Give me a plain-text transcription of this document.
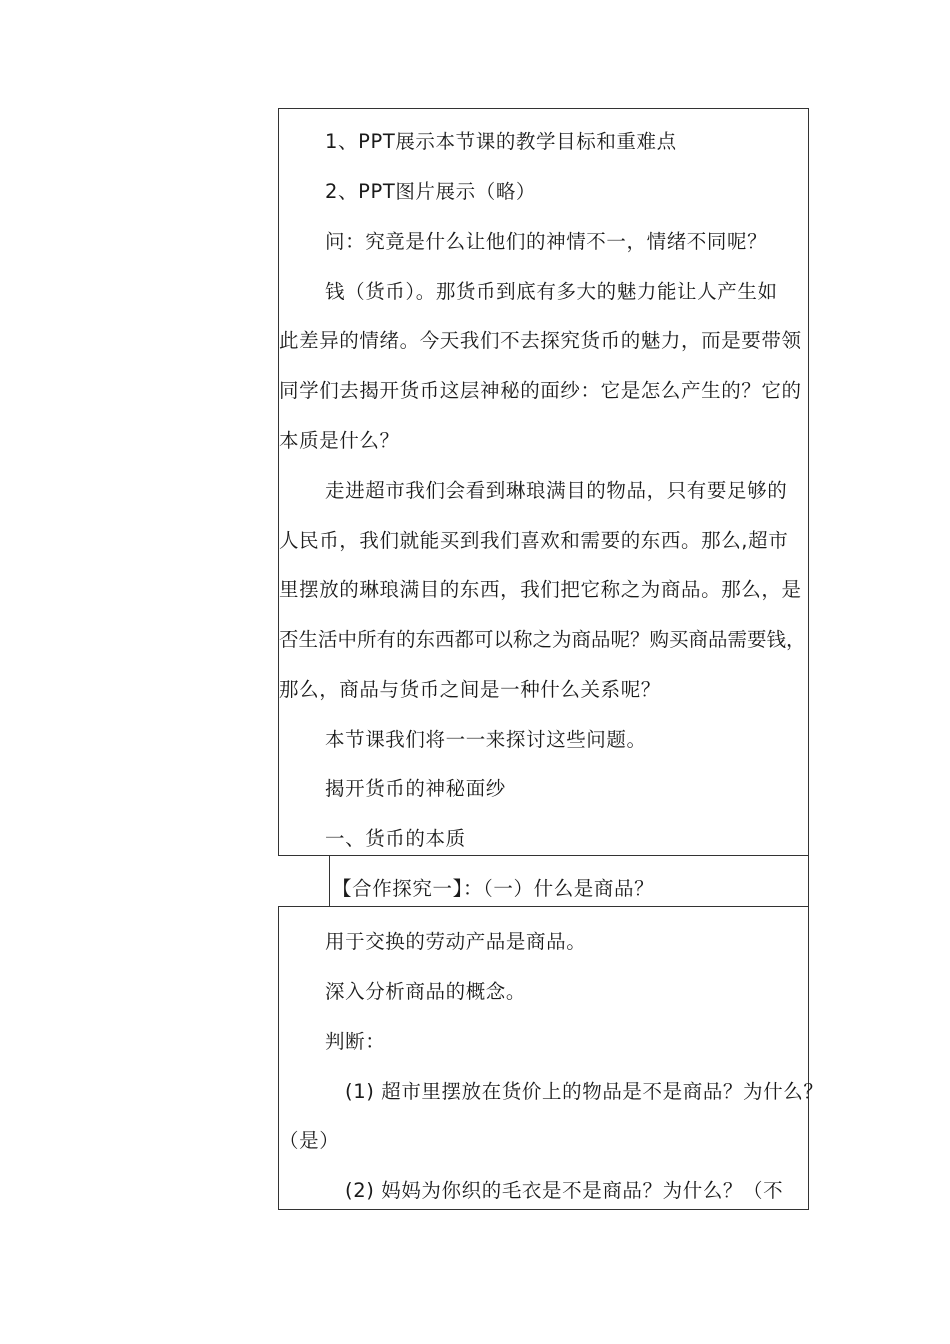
1、PPT展示本节课的教学目标和重难点
2、PPT图片展示（略）
问：究竟是什么让他们的神情不一，情绪不同呢？
钱（货币）。那货币到底有多大的魅力能让人产生如
此差异的情绪。今天我们不去探究货币的魅力，而是要带领
同学们去揭开货币这层神秘的面纱：它是怎么产生的？它的
本质是什么？
走进超市我们会看到琳琅满目的物品，只有要足够的
人民币，我们就能买到我们喜欢和需要的东西。那么,超市
里摆放的琳琅满目的东西，我们把它称之为商品。那么，是
否生活中所有的东西都可以称之为商品呢？购买商品需要钱，
那么，商品与货币之间是一种什么关系呢？
本节课我们将一一来探讨这些问题。
揭开货币的神秘面纱
一、货币的本质
【合作探究一】：（一）什么是商品？
用于交换的劳动产品是商品。
深入分析商品的概念。
判断：
(1) 超市里摆放在货价上的物品是不是商品？为什么？
（是）
(2) 妈妈为你织的毛衣是不是商品？为什么？（不
